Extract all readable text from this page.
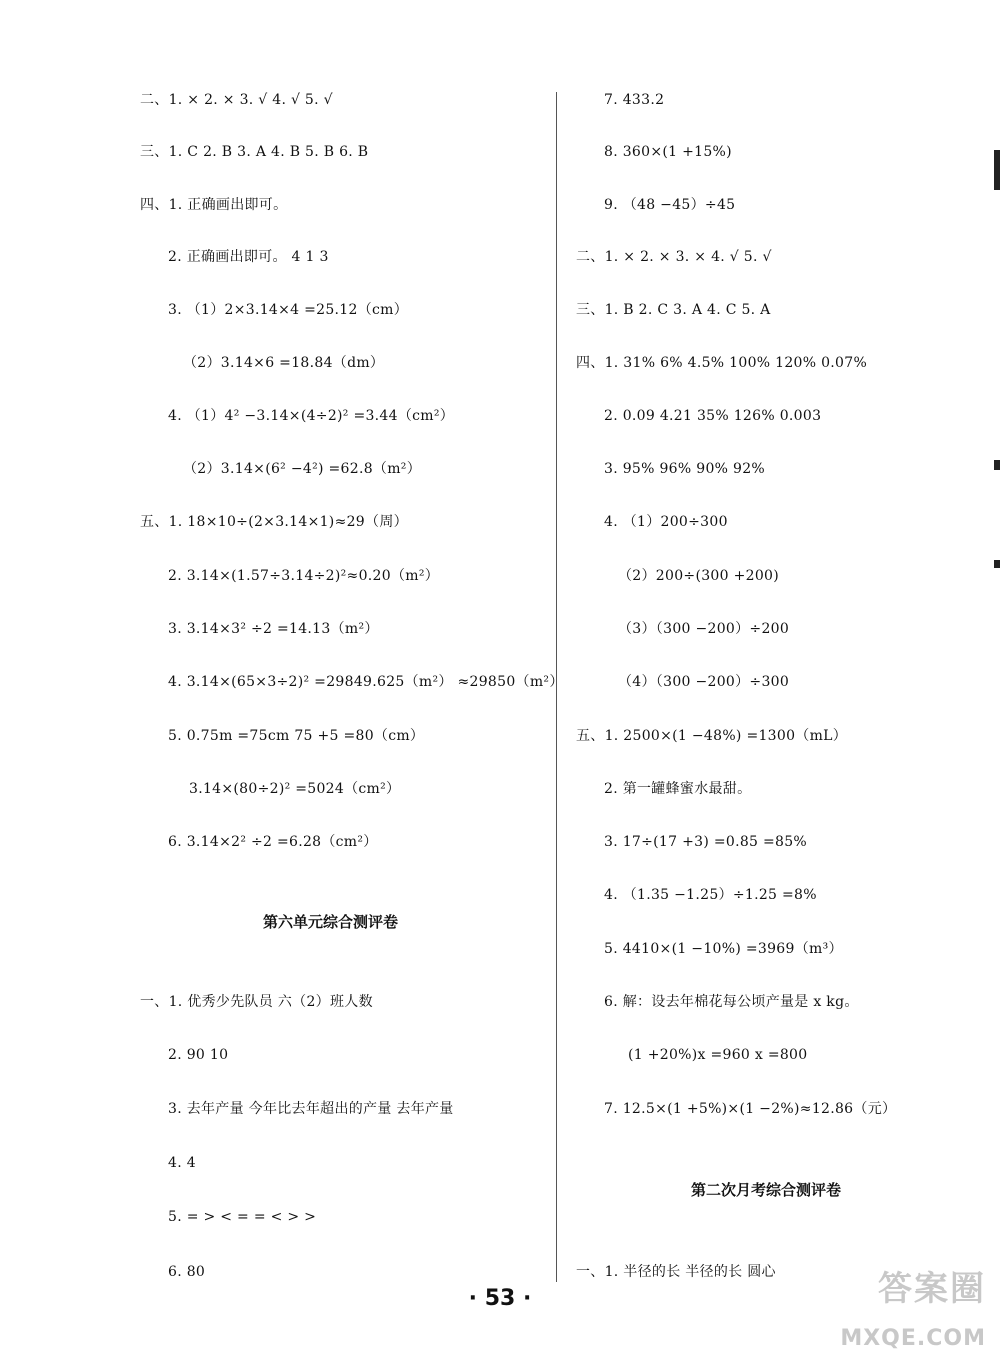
二、1. × 2. × 3. √ 4. √ 5. √
三、1. C 2. B 3. A 4. B 5. B 6. B
四、1. 正确画出即可。
2. 正确画出即可。 4 1 3
3. （1）2×3.14×4 =25.12（cm）
（2）3.14×6 =18.84（dm）
4. （1）4² −3.14×(4÷2)² =3.44（cm²）
（2）3.14×(6² −4²) =62.8（m²）
五、1. 18×10÷(2×3.14×1)≈29（周）
2. 3.14×(1.57÷3.14÷2)²≈0.20（m²）
3. 3.14×3² ÷2 =14.13（m²）
4. 3.14×(65×3÷2)² =29849.625（m²） ≈29850（m²）
5. 0.75m =75cm 75 +5 =80（cm）
3.14×(80÷2)² =5024（cm²）
6. 3.14×2² ÷2 =6.28（cm²）
第六单元综合测评卷
一、1. 优秀少先队员 六（2）班人数
2. 90 10
3. 去年产量 今年比去年超出的产量 去年产量
4. 4
5. = > < = = < > >
6. 80
7. 433.2
8. 360×(1 +15%)
9. （48 −45）÷45
二、1. × 2. × 3. × 4. √ 5. √
三、1. B 2. C 3. A 4. C 5. A
四、1. 31% 6% 4.5% 100% 120% 0.07%
2. 0.09 4.21 35% 126% 0.003
3. 95% 96% 90% 92%
4. （1）200÷300
（2）200÷(300 +200)
（3）（300 −200）÷200
（4）（300 −200）÷300
五、1. 2500×(1 −48%) =1300（mL）
2. 第一罐蜂蜜水最甜。
3. 17÷(17 +3) =0.85 =85%
4. （1.35 −1.25）÷1.25 =8%
5. 4410×(1 −10%) =3969（m³）
6. 解：设去年棉花每公顷产量是 x kg。
(1 +20%)x =960 x =800
7. 12.5×(1 +5%)×(1 −2%)≈12.86（元）
第二次月考综合测评卷
一、1. 半径的长 半径的长 圆心
· 53 ·	答案圈
MXQE.COM
